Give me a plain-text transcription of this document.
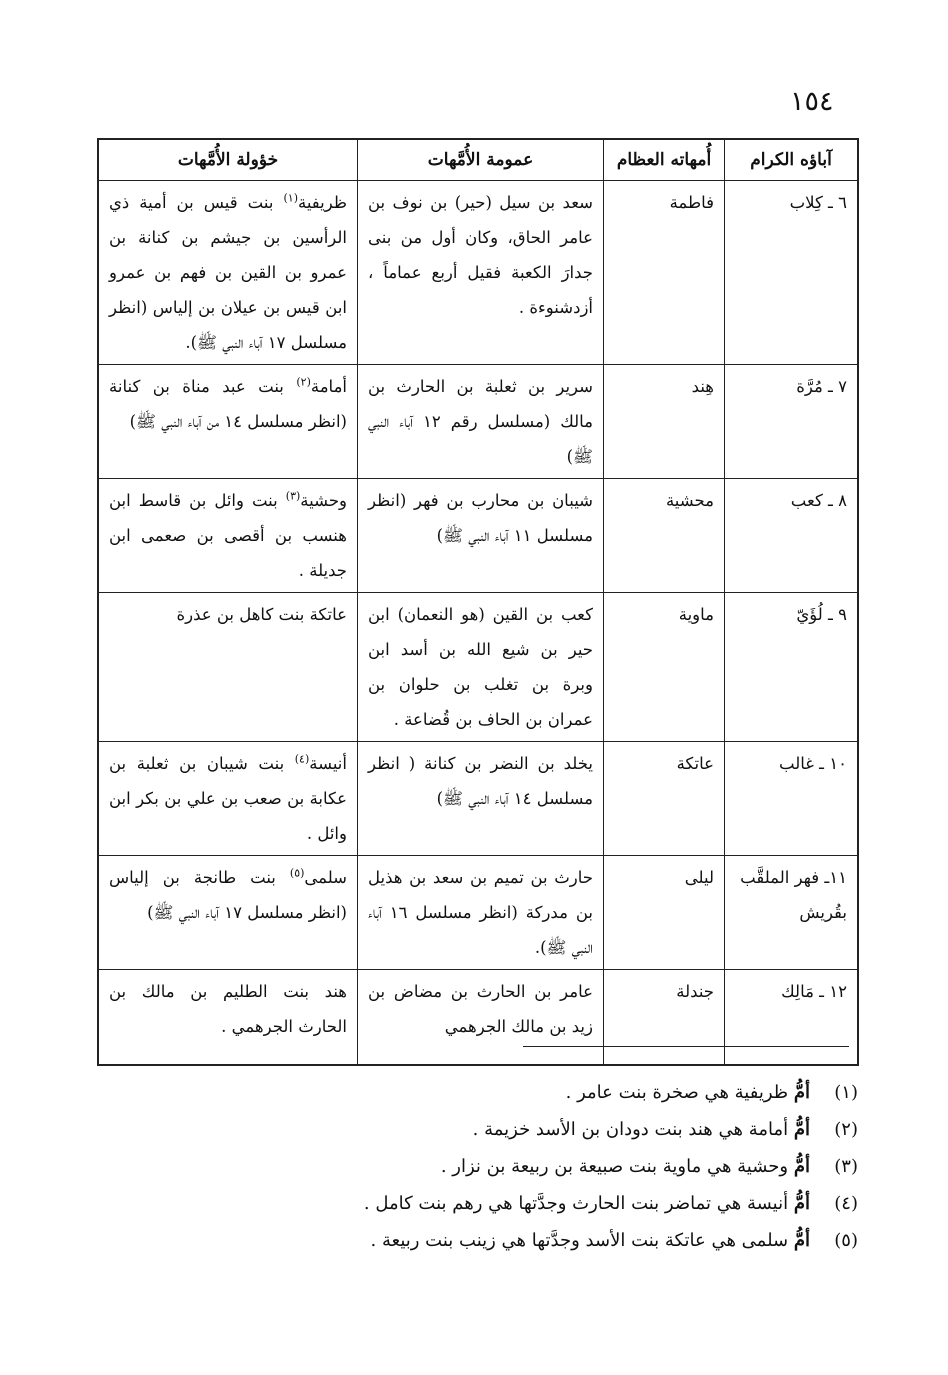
١٥٤
آباؤه الكرام	أُمهاته العظام	عمومة الأُمَّهات	خؤولة الأُمَّهات
٦ ـ كِلاب	فاطمة	سعد بن سيل (حير) بن نوف بن عامر الحاق، وكان أول من بنى جدارَ الكعبة فقيل أربع عماماً ، أزدشنوءة .	ظريفية$^{(١)}$ بنت قيس بن أمية ذي الرأسين بن جيشم بن كنانة بن عمرو بن القين بن فهم بن عمرو ابن قيس بن عيلان بن إلياس (انظر مسلسل ١٧ آباء النبي ﷺ).
٧ ـ مُرَّة	هِند	سرير بن ثعلبة بن الحارث بن مالك (مسلسل رقم ١٢ آباء النبي ﷺ)	أمامة$^{(٢)}$ بنت عبد مناة بن كنانة (انظر مسلسل ١٤ من آباء النبي ﷺ)
٨ ـ كعب	محشية	شيبان بن محارب بن فهر (انظر مسلسل ١١ آباء النبي ﷺ)	وحشية$^{(٣)}$ بنت وائل بن قاسط ابن هنسب بن أقصى بن صعمى ابن جديلة .
٩ ـ لُؤَيّ	ماوية	كعب بن القين (هو النعمان) ابن حير بن شيع الله بن أسد ابن وبرة بن تغلب بن حلوان بن عمران بن الحاف بن قُضاعة .	عاتكة بنت كاهل بن عذرة
١٠ ـ غالب	عاتكة	يخلد بن النضر بن كنانة ( انظر مسلسل ١٤ آباء النبي ﷺ)	أنيسة$^{(٤)}$ بنت شيبان بن ثعلبة بن عكابة بن صعب بن علي بن بكر ابن وائل .
١١ـ فهر الملقَّب بقُريش	ليلى	حارث بن تميم بن سعد بن هذيل بن مدركة (انظر مسلسل ١٦ آباء النبي ﷺ).	سلمى$^{(٥)}$ بنت طانجة بن إلياس (انظر مسلسل ١٧ آباء النبي ﷺ)
١٢ ـ مَالِك	جندلة	عامر بن الحارث بن مضاض بن زيد بن مالك الجرهمي	هند بنت الطليم بن مالك بن الحارث الجرهمي .
(١)أمُّ ظريفية هي صخرة بنت عامر .
(٢)أمُّ أمامة هي هند بنت دودان بن الأسد خزيمة .
(٣)أمُّ وحشية هي ماوية بنت صبيعة بن ربيعة بن نزار .
(٤)أمُّ أنيسة هي تماضر بنت الحارث وجدَّتها هي رهم بنت كامل .
(٥)أمُّ سلمى هي عاتكة بنت الأسد وجدَّتها هي زينب بنت ربيعة .
